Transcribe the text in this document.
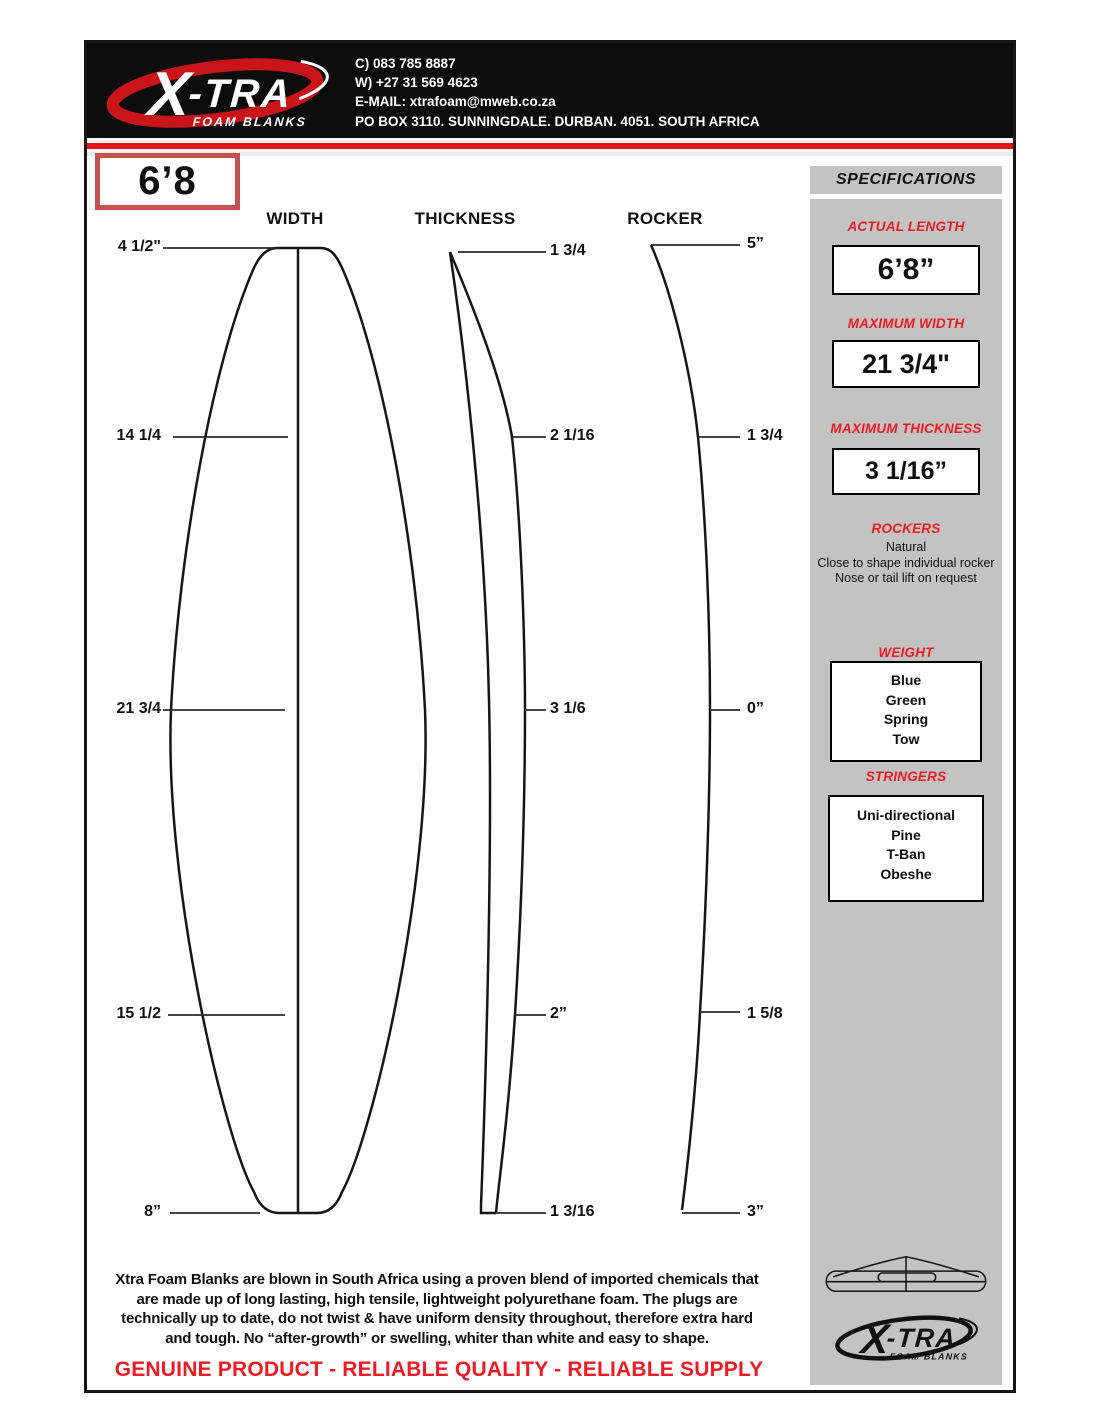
X
-TRA
FOAM BLANKS
C) 083 785 8887
W) +27 31 569 4623
E-MAIL: xtrafoam@mweb.co.za
PO BOX 3110. SUNNINGDALE. DURBAN. 4051. SOUTH AFRICA
6’8
WIDTH	THICKNESS	ROCKER
4 1/2"
14 1/4
21 3/4
15 1/2
8”
1 3/4
2 1/16
3 1/6
2”
1 3/16
5”
1 3/4
0”
1 5/8
3”
SPECIFICATIONS
ACTUAL LENGTH
6’8”
MAXIMUM WIDTH
21 3/4"
MAXIMUM THICKNESS
3 1/16”
ROCKERS
Natural
Close to shape individual rocker
Nose or tail lift on request
WEIGHT
Blue
Green
Spring
Tow
STRINGERS
Uni-directional
Pine
T-Ban
Obeshe
X
-TRA
FOAM BLANKS
Xtra Foam Blanks are blown in South Africa using a proven blend of imported chemicals that are made up of long lasting, high tensile, lightweight polyurethane foam. The plugs are technically up to date, do not twist & have uniform density throughout, therefore extra hard and tough. No “after-growth” or swelling, whiter than white and easy to shape.
GENUINE PRODUCT - RELIABLE QUALITY - RELIABLE SUPPLY
